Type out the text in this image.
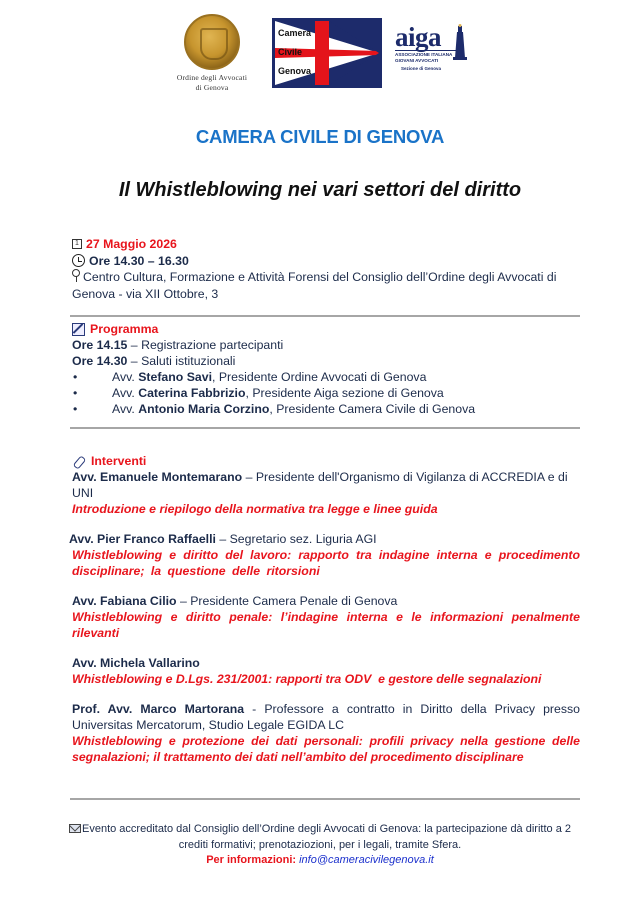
Ordine degli Avvocati
di Genova
Camera
Civile
Genova
aiga
ASSOCIAZIONE ITALIANA
GIOVANI AVVOCATI
Sezione di Genova
CAMERA CIVILE DI GENOVA
Il Whistleblowing nei vari settori del diritto
1 27 Maggio 2026
Ore 14.30 – 16.30
Centro Cultura, Formazione e Attività Forensi del Consiglio dell’Ordine degli Avvocati di Genova - via XII Ottobre, 3
Programma
Ore 14.15 – Registrazione partecipanti
Ore 14.30 – Saluti istituzionali
•
Avv. Stefano Savi, Presidente Ordine Avvocati di Genova
•
Avv. Caterina Fabbrizio, Presidente Aiga sezione di Genova
•
Avv. Antonio Maria Corzino, Presidente Camera Civile di Genova
Interventi
Avv. Emanuele Montemarano – Presidente dell'Organismo di Vigilanza di ACCREDIA e di UNI
Introduzione e riepilogo della normativa tra legge e linee guida
Avv. Pier Franco Raffaelli – Segretario sez. Liguria AGI
Whistleblowing e diritto del lavoro: rapporto tra indagine interna e procedimento disciplinare; la questione delle ritorsioni
Avv. Fabiana Cilio – Presidente Camera Penale di Genova
Whistleblowing e diritto penale: l’indagine interna e le informazioni penalmente rilevanti
Avv. Michela Vallarino
Whistleblowing e D.Lgs. 231/2001: rapporti tra ODV  e gestore delle segnalazioni
Prof. Avv. Marco Martorana - Professore a contratto in Diritto della Privacy presso Universitas Mercatorum, Studio Legale EGIDA LC
Whistleblowing e protezione dei dati personali: profili privacy nella gestione delle segnalazioni; il trattamento dei dati nell’ambito del procedimento disciplinare
Evento accreditato dal Consiglio dell’Ordine degli Avvocati di Genova: la partecipazione dà diritto a 2 crediti formativi; prenotaziozioni, per i legali, tramite Sfera.
Per informazioni: info@cameracivilegenova.it
